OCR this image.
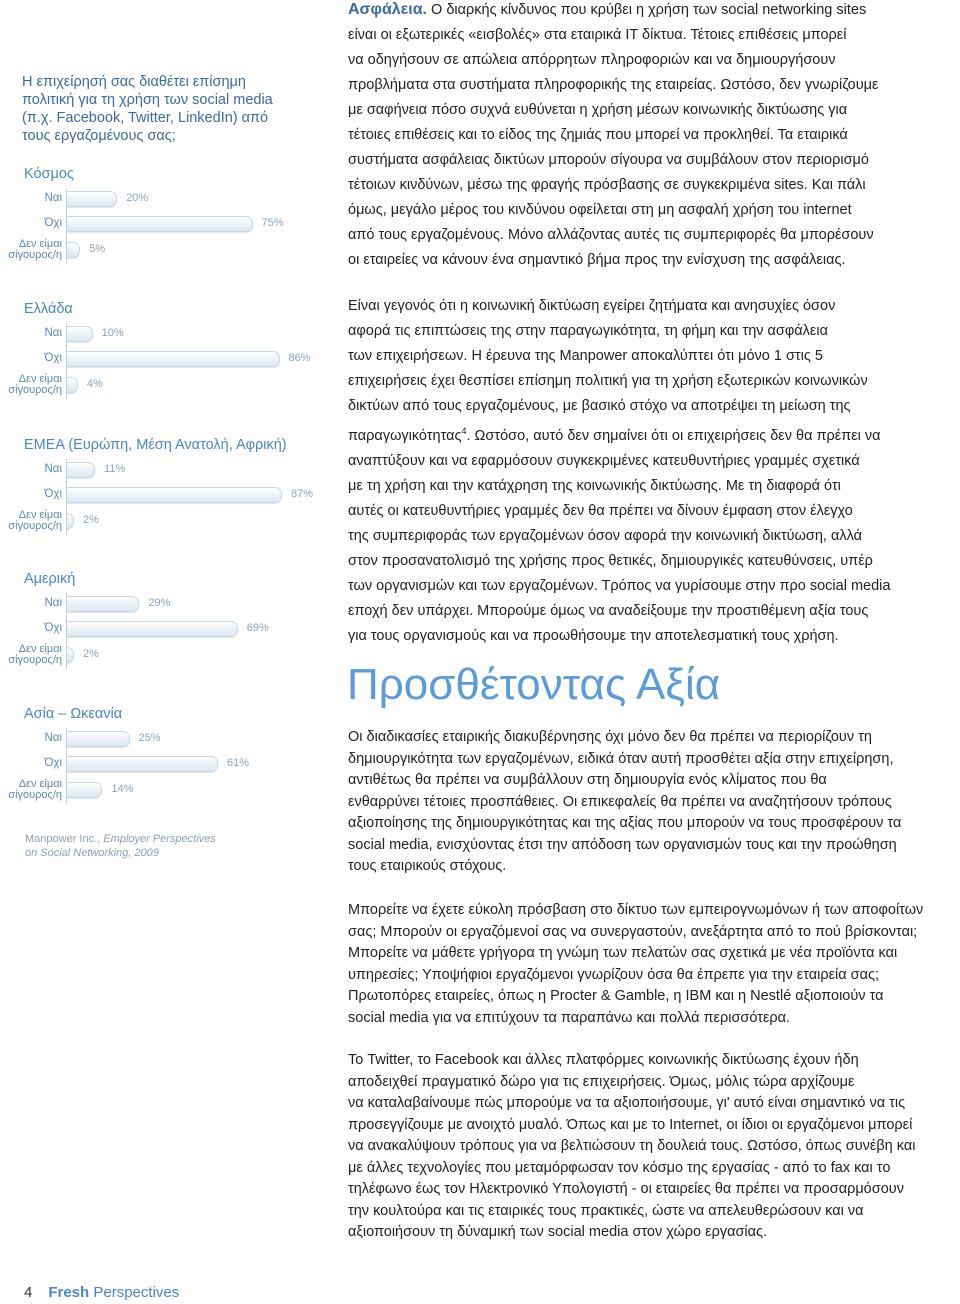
Η επιχείρησή σας διαθέτει επίσημη πολιτική για τη χρήση των social media (π.χ. Facebook, Twitter, LinkedIn) από τους εργαζομένους σας;
Κόσμος
Ναι	20%
Όχι	75%
Δεν είμαι σίγουρος/η 5%
Ελλάδα
Ναι	10%
Όχι	86%
Δεν είμαι σίγουρος/η 4%
ΕΜΕΑ (Ευρώπη, Μέση Ανατολή, Αφρική)
Ναι	11%
Όχι	87%
Δεν είμαι σίγουρος/η 2%
Αμερική
Ναι	29%
Όχι	69%
Δεν είμαι σίγουρος/η 2%
Ασία – Ωκεανία
Ναι	25%
Όχι	61%
Δεν είμαι σίγουρος/η	14%
Manpower Inc., Employer Perspectives
on Social Networking, 2009
Ασφάλεια. Ο διαρκής κίνδυνος που κρύβει η χρήση των social networking sites
είναι οι εξωτερικές «εισβολές» στα εταιρικά IT δίκτυα. Τέτοιες επιθέσεις μπορεί
να οδηγήσουν σε απώλεια απόρρητων πληροφοριών και να δημιουργήσουν
προβλήματα στα συστήματα πληροφορικής της εταιρείας. Ωστόσο, δεν γνωρίζουμε
με σαφήνεια πόσο συχνά ευθύνεται η χρήση μέσων κοινωνικής δικτύωσης για
τέτοιες επιθέσεις και το είδος της ζημιάς που μπορεί να προκληθεί. Τα εταιρικά
συστήματα ασφάλειας δικτύων μπορούν σίγουρα να συμβάλουν στον περιορισμό
τέτοιων κινδύνων, μέσω της φραγής πρόσβασης σε συγκεκριμένα sites. Και πάλι
όμως, μεγάλο μέρος του κινδύνου οφείλεται στη μη ασφαλή χρήση του internet
από τους εργαζομένους. Μόνο αλλάζοντας αυτές τις συμπεριφορές θα μπορέσουν
οι εταιρείες να κάνουν ένα σημαντικό βήμα προς την ενίσχυση της ασφάλειας.
Είναι γεγονός ότι η κοινωνική δικτύωση εγείρει ζητήματα και ανησυχίες όσον
αφορά τις επιπτώσεις της στην παραγωγικότητα, τη φήμη και την ασφάλεια
των επιχειρήσεων. Η έρευνα της Manpower αποκαλύπτει ότι μόνο 1 στις 5
επιχειρήσεις έχει θεσπίσει επίσημη πολιτική για τη χρήση εξωτερικών κοινωνικών
δικτύων από τους εργαζομένους, με βασικό στόχο να αποτρέψει τη μείωση της
παραγωγικότητας$^4$. Ωστόσο, αυτό δεν σημαίνει ότι οι επιχειρήσεις δεν θα πρέπει να
αναπτύξουν και να εφαρμόσουν συγκεκριμένες κατευθυντήριες γραμμές σχετικά
με τη χρήση και την κατάχρηση της κοινωνικής δικτύωσης. Με τη διαφορά ότι
αυτές οι κατευθυντήριες γραμμές δεν θα πρέπει να δίνουν έμφαση στον έλεγχο
της συμπεριφοράς των εργαζομένων όσον αφορά την κοινωνική δικτύωση, αλλά
στον προσανατολισμό της χρήσης προς θετικές, δημιουργικές κατευθύνσεις, υπέρ
των οργανισμών και των εργαζομένων. Τρόπος να γυρίσουμε στην προ social media
εποχή δεν υπάρχει. Μπορούμε όμως να αναδείξουμε την προστιθέμενη αξία τους
για τους οργανισμούς και να προωθήσουμε την αποτελεσματική τους χρήση.
Προσθέτοντας Αξία
Οι διαδικασίες εταιρικής διακυβέρνησης όχι μόνο δεν θα πρέπει να περιορίζουν τη
δημιουργικότητα των εργαζομένων, ειδικά όταν αυτή προσθέτει αξία στην επιχείρηση,
αντιθέτως θα πρέπει να συμβάλλουν στη δημιουργία ενός κλίματος που θα
ενθαρρύνει τέτοιες προσπάθειες. Οι επικεφαλείς θα πρέπει να αναζητήσουν τρόπους
αξιοποίησης της δημιουργικότητας και της αξίας που μπορούν να τους προσφέρουν τα
social media, ενισχύοντας έτσι την απόδοση των οργανισμών τους και την προώθηση
τους εταιρικούς στόχους.
Μπορείτε να έχετε εύκολη πρόσβαση στο δίκτυο των εμπειρογνωμόνων ή των αποφοίτων
σας; Μπορούν οι εργαζόμενοί σας να συνεργαστούν, ανεξάρτητα από το πού βρίσκονται;
Μπορείτε να μάθετε γρήγορα τη γνώμη των πελατών σας σχετικά με νέα προϊόντα και
υπηρεσίες; Υποψήφιοι εργαζόμενοι γνωρίζουν όσα θα έπρεπε για την εταιρεία σας;
Πρωτοπόρες εταιρείες, όπως η Procter & Gamble, η IBM και η Nestlé αξιοποιούν τα
social media για να επιτύχουν τα παραπάνω και πολλά περισσότερα.
Το Twitter, το Facebook και άλλες πλατφόρμες κοινωνικής δικτύωσης έχουν ήδη
αποδειχθεί πραγματικό δώρο για τις επιχειρήσεις. Όμως, μόλις τώρα αρχίζουμε
να καταλαβαίνουμε πώς μπορούμε να τα αξιοποιήσουμε, γι' αυτό είναι σημαντικό να τις
προσεγγίζουμε με ανοιχτό μυαλό. Όπως και με το Internet, οι ίδιοι οι εργαζόμενοι μπορεί
να ανακαλύψουν τρόπους για να βελτιώσουν τη δουλειά τους. Ωστόσο, όπως συνέβη και
με άλλες τεχνολογίες που μεταμόρφωσαν τον κόσμο της εργασίας - από το fax και το
τηλέφωνο έως τον Ηλεκτρονικό Υπολογιστή - οι εταιρείες θα πρέπει να προσαρμόσουν
την κουλτούρα και τις εταιρικές τους πρακτικές, ώστε να απελευθερώσουν και να
αξιοποιήσουν τη δύναμική των social media στον χώρο εργασίας.
4 Fresh Perspectives
